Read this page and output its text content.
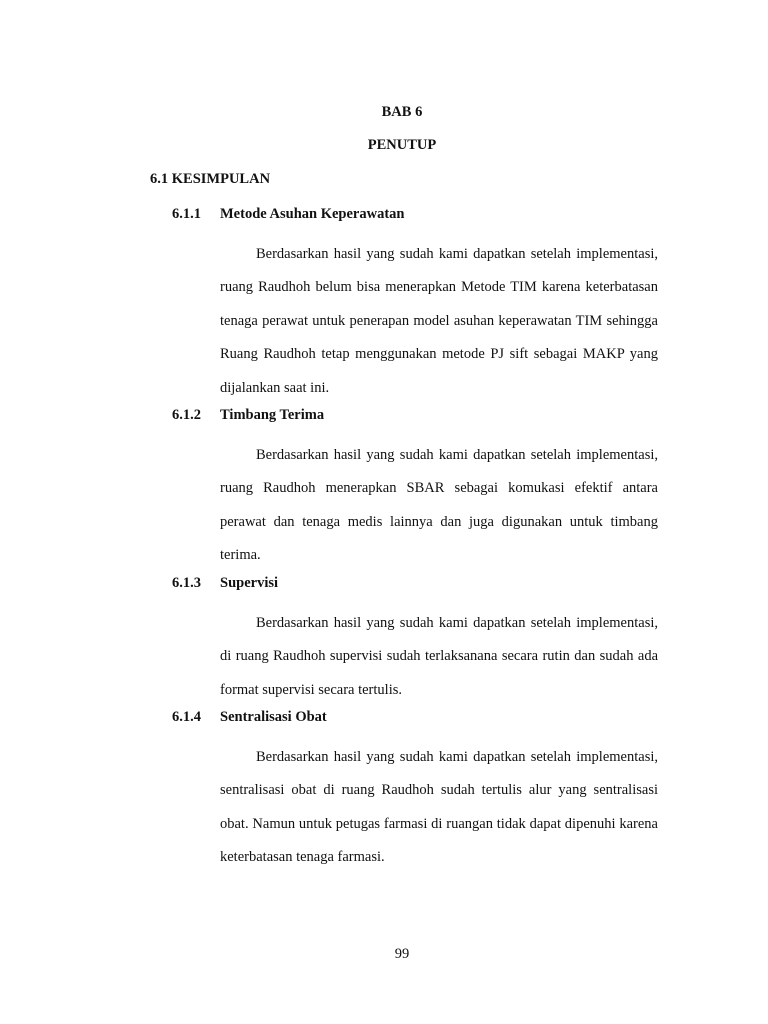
BAB 6

PENUTUP

6.1 KESIMPULAN

6.1.1	Metode Asuhan Keperawatan

Berdasarkan hasil yang sudah kami dapatkan setelah implementasi, ruang Raudhoh belum bisa menerapkan Metode TIM karena keterbatasan tenaga perawat untuk penerapan model asuhan keperawatan TIM sehingga Ruang Raudhoh tetap menggunakan metode PJ sift sebagai MAKP yang dijalankan saat ini.

6.1.2	Timbang Terima

Berdasarkan hasil yang sudah kami dapatkan setelah implementasi, ruang Raudhoh menerapkan SBAR sebagai komukasi efektif antara perawat dan tenaga medis lainnya dan juga digunakan untuk timbang terima.

6.1.3	Supervisi

Berdasarkan hasil yang sudah kami dapatkan setelah implementasi, di ruang Raudhoh supervisi sudah terlaksanana secara rutin dan sudah ada format supervisi secara tertulis.

6.1.4	Sentralisasi Obat

Berdasarkan hasil yang sudah kami dapatkan setelah implementasi, sentralisasi obat di ruang Raudhoh sudah tertulis alur yang sentralisasi obat. Namun untuk petugas farmasi di ruangan tidak dapat dipenuhi karena keterbatasan tenaga farmasi.

99
